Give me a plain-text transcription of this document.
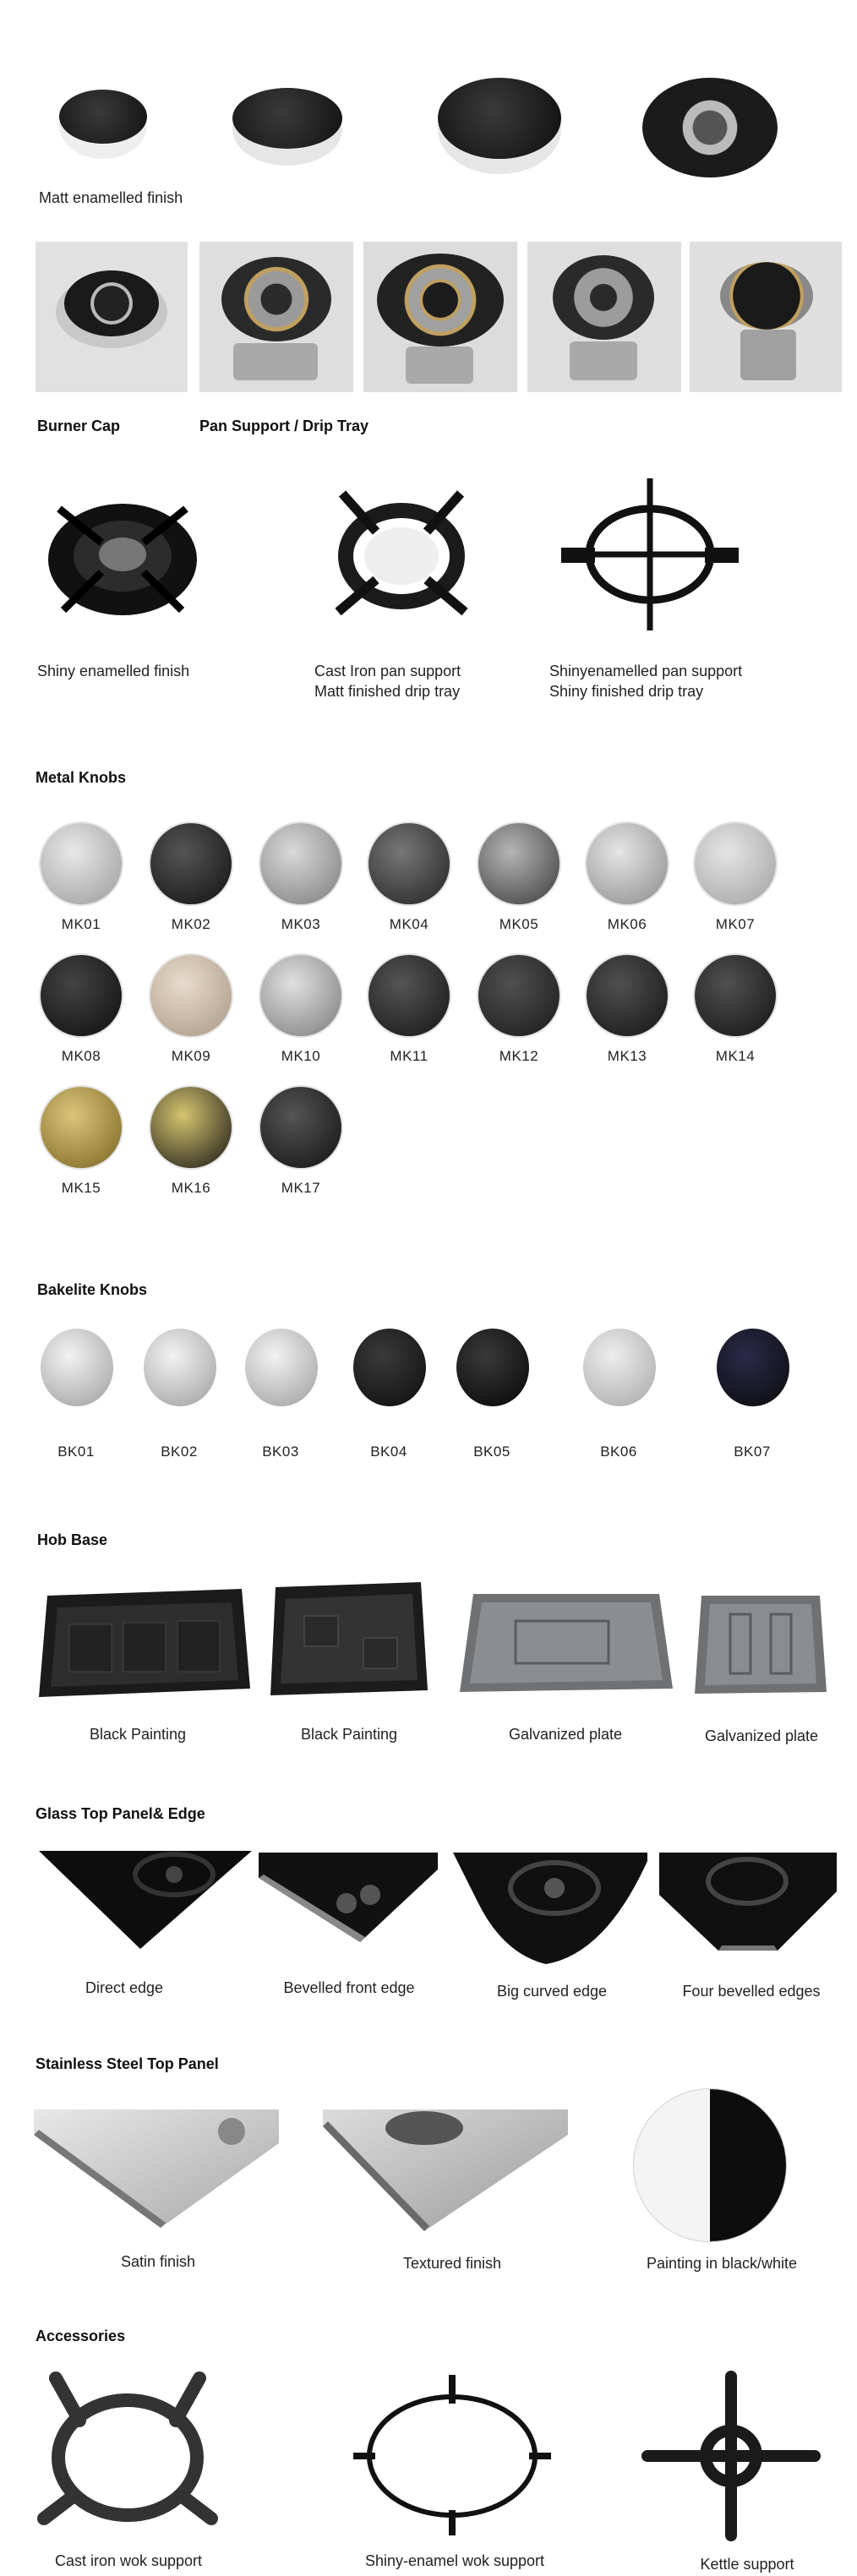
Matt enamelled finish
Burner Cap	Pan Support / Drip Tray
Shiny enamelled finish	Cast Iron pan support
Matt finished drip tray
Shinyenamelled pan support
Shiny finished drip tray
Metal Knobs
MK01	MK02	MK03	MK04	MK05	MK06	MK07
MK08	MK09	MK10	MK11	MK12	MK13	MK14
MK15	MK16	MK17
Bakelite Knobs
BK01	BK02	BK03	BK04	BK05	BK06	BK07
Hob Base
Black Painting	Black Painting	Galvanized plate	Galvanized plate
Glass Top Panel& Edge
Direct edge	Bevelled front edge	Big curved edge	Four bevelled edges
Stainless Steel Top Panel
Satin finish	Textured finish	Painting in black/white
Accessories
Cast iron wok support	Shiny-enamel wok support	Kettle support
